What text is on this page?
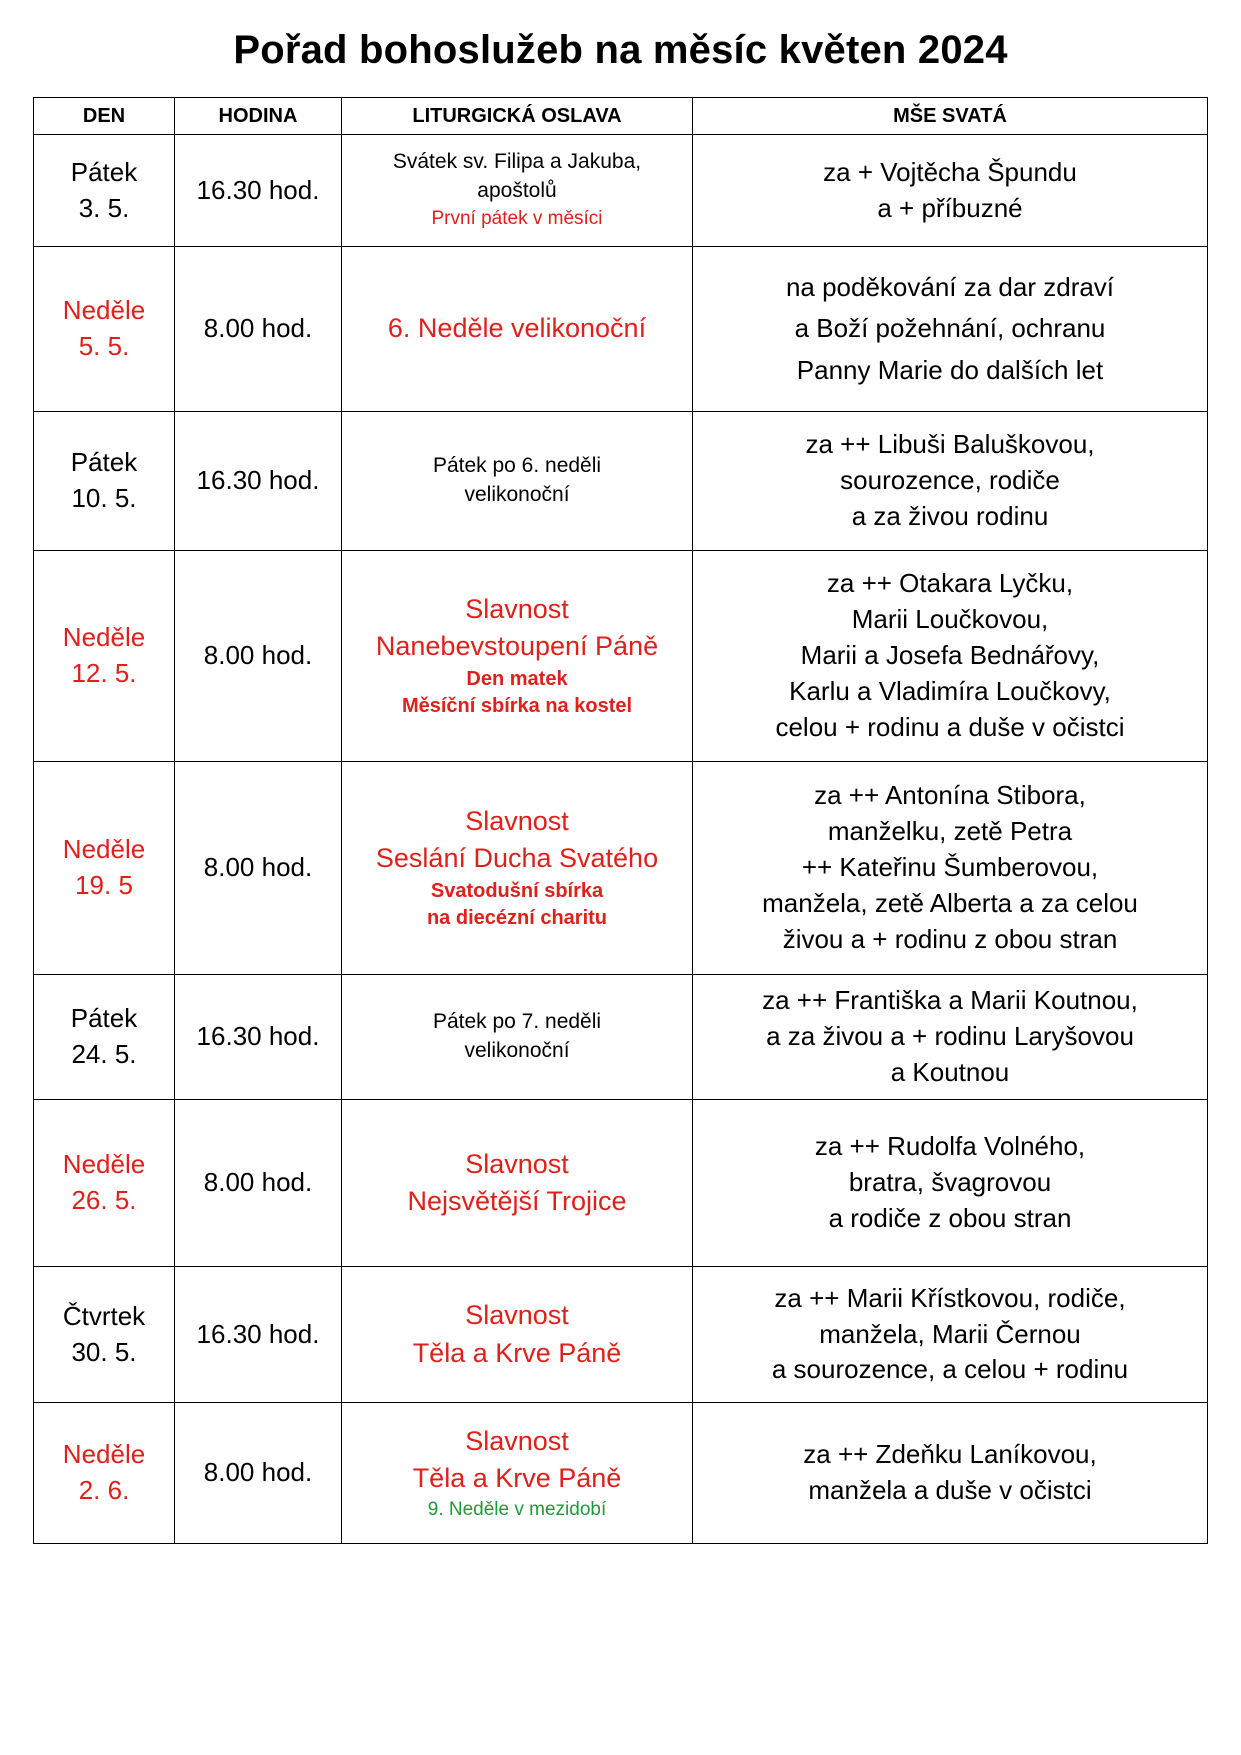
Pořad bohoslužeb na měsíc květen 2024
DEN	HODINA	LITURGICKÁ OSLAVA	MŠE SVATÁ

Pátek
3. 5.	16.30 hod.	Svátek sv. Filipa a Jakuba,
apoštolů
První pátek v měsíci	za + Vojtěcha Špundu
a + příbuzné

Neděle
5. 5.	8.00 hod.	6. Neděle velikonoční	na poděkování za dar zdraví
a Boží požehnání, ochranu
Panny Marie do dalších let

Pátek
10. 5.	16.30 hod.	Pátek po 6. neděli
velikonoční	za ++ Libuši Baluškovou,
sourozence, rodiče
a za živou rodinu

Neděle
12. 5.	8.00 hod.	Slavnost
Nanebevstoupení Páně
Den matek
Měsíční sbírka na kostel	za ++ Otakara Lyčku,
Marii Loučkovou,
Marii a Josefa Bednářovy,
Karlu a Vladimíra Loučkovy,
celou + rodinu a duše v očistci

Neděle
19. 5	8.00 hod.	Slavnost
Seslání Ducha Svatého
Svatodušní sbírka
na diecézní charitu	za ++ Antonína Stibora,
manželku, zetě Petra
++ Kateřinu Šumberovou,
manžela, zetě Alberta a za celou
živou a + rodinu z obou stran

Pátek
24. 5.	16.30 hod.	Pátek po 7. neděli
velikonoční	za ++ Františka a Marii Koutnou,
a za živou a + rodinu Laryšovou
a Koutnou

Neděle
26. 5.	8.00 hod.	Slavnost
Nejsvětější Trojice	za ++ Rudolfa Volného,
bratra, švagrovou
a rodiče z obou stran

Čtvrtek
30. 5.	16.30 hod.	Slavnost
Těla a Krve Páně	za ++ Marii Křístkovou, rodiče,
manžela, Marii Černou
a sourozence, a celou + rodinu

Neděle
2. 6.	8.00 hod.	Slavnost
Těla a Krve Páně
9. Neděle v mezidobí	za ++ Zdeňku Laníkovou,
manžela a duše v očistci
